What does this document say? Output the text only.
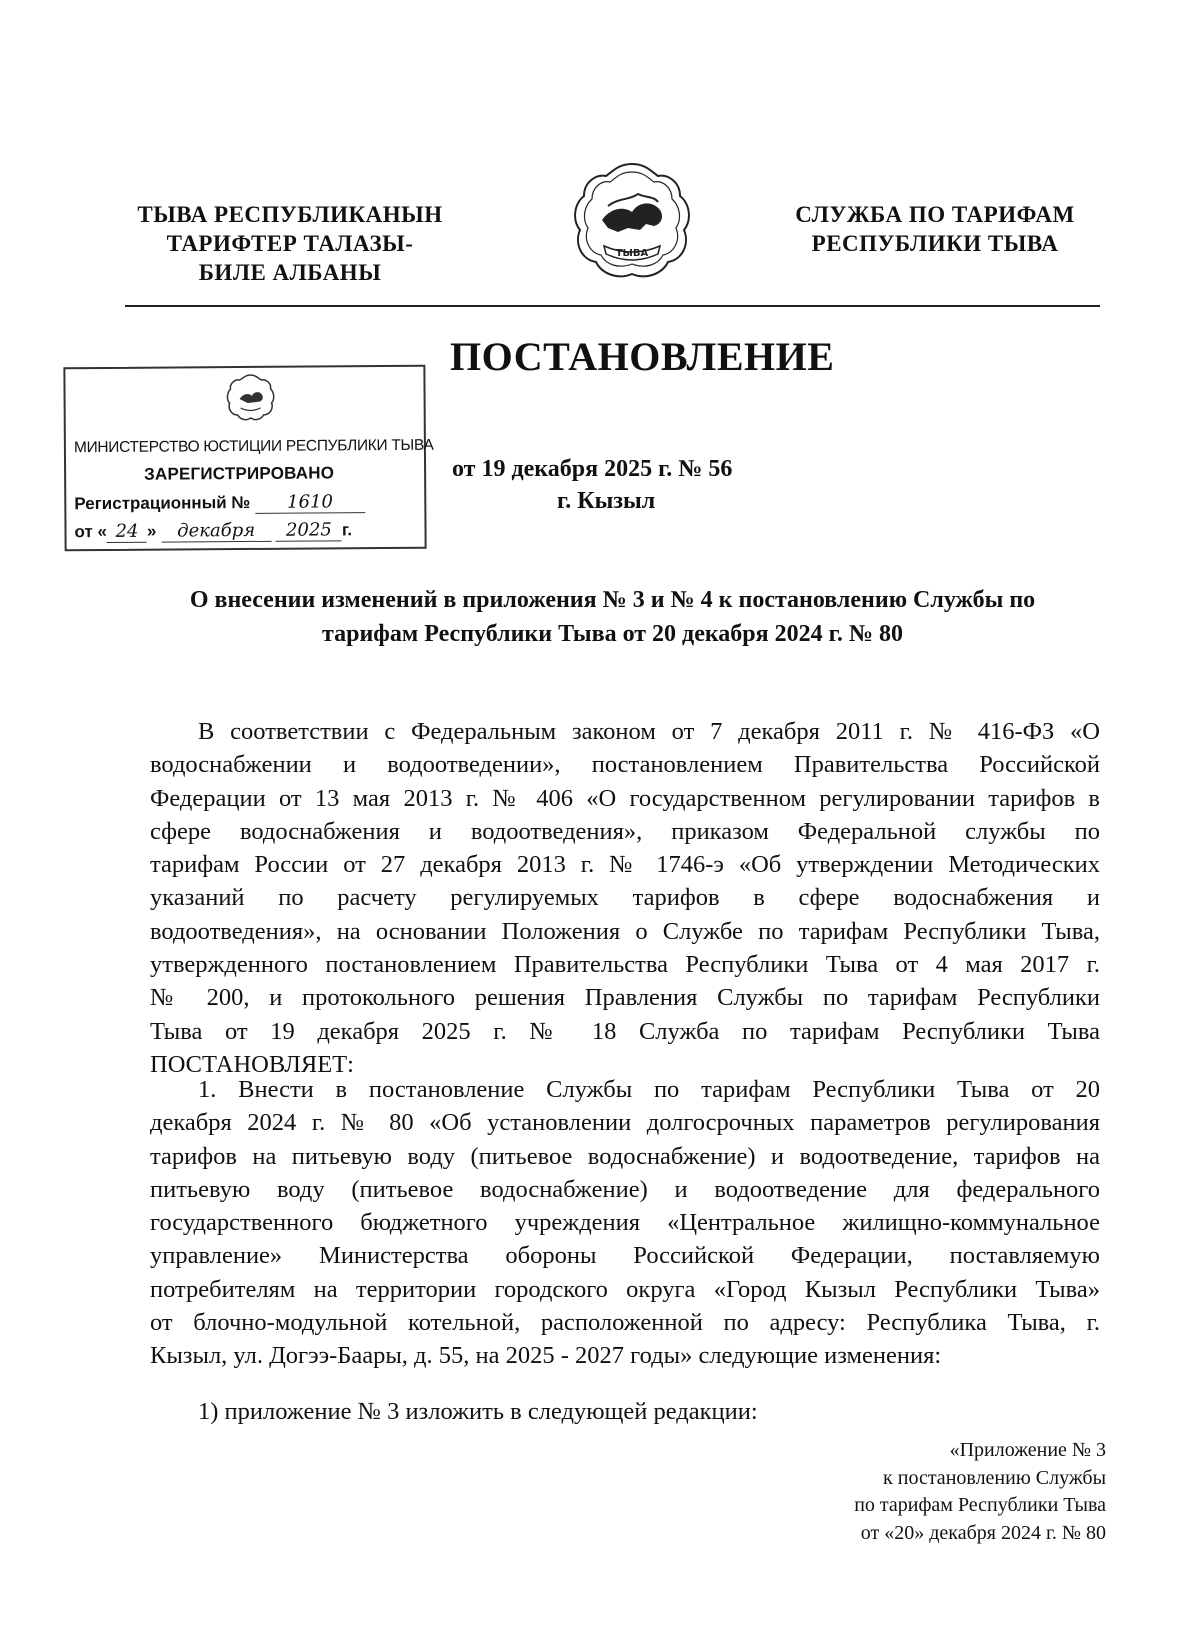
ТЫВА РЕСПУБЛИКАНЫН
ТАРИФТЕР ТАЛАЗЫ-
БИЛЕ АЛБАНЫ
ТЫВА
СЛУЖБА ПО ТАРИФАМ
РЕСПУБЛИКИ ТЫВА
ПОСТАНОВЛЕНИЕ
МИНИСТЕРСТВО ЮСТИЦИИ РЕСПУБЛИКИ ТЫВА
ЗАРЕГИСТРИРОВАНО
Регистрационный № 1610
от « 24 » декабря 2025 г.
от 19 декабря 2025 г. № 56
г. Кызыл
О внесении изменений в приложения № 3 и № 4 к постановлению Службы по
тарифам Республики Тыва от 20 декабря 2024 г. № 80
В соответствии с Федеральным законом от 7 декабря 2011 г. № 416-ФЗ «О
водоснабжении и водоотведении», постановлением Правительства Российской
Федерации от 13 мая 2013 г. № 406 «О государственном регулировании тарифов в
сфере водоснабжения и водоотведения», приказом Федеральной службы по
тарифам России от 27 декабря 2013 г. № 1746-э «Об утверждении Методических
указаний по расчету регулируемых тарифов в сфере водоснабжения и
водоотведения», на основании Положения о Службе по тарифам Республики Тыва,
утвержденного постановлением Правительства Республики Тыва от 4 мая 2017 г.
№ 200, и протокольного решения Правления Службы по тарифам Республики
Тыва от 19 декабря 2025 г. № 18 Служба по тарифам Республики Тыва
ПОСТАНОВЛЯЕТ:
1. Внести в постановление Службы по тарифам Республики Тыва от 20
декабря 2024 г. № 80 «Об установлении долгосрочных параметров регулирования
тарифов на питьевую воду (питьевое водоснабжение) и водоотведение, тарифов на
питьевую воду (питьевое водоснабжение) и водоотведение для федерального
государственного бюджетного учреждения «Центральное жилищно-коммунальное
управление» Министерства обороны Российской Федерации, поставляемую
потребителям на территории городского округа «Город Кызыл Республики Тыва»
от блочно-модульной котельной, расположенной по адресу: Республика Тыва, г.
Кызыл, ул. Догээ-Баары, д. 55, на 2025 - 2027 годы» следующие изменения:
1) приложение № 3 изложить в следующей редакции:
«Приложение № 3
к постановлению Службы
по тарифам Республики Тыва
от «20» декабря 2024 г. № 80
